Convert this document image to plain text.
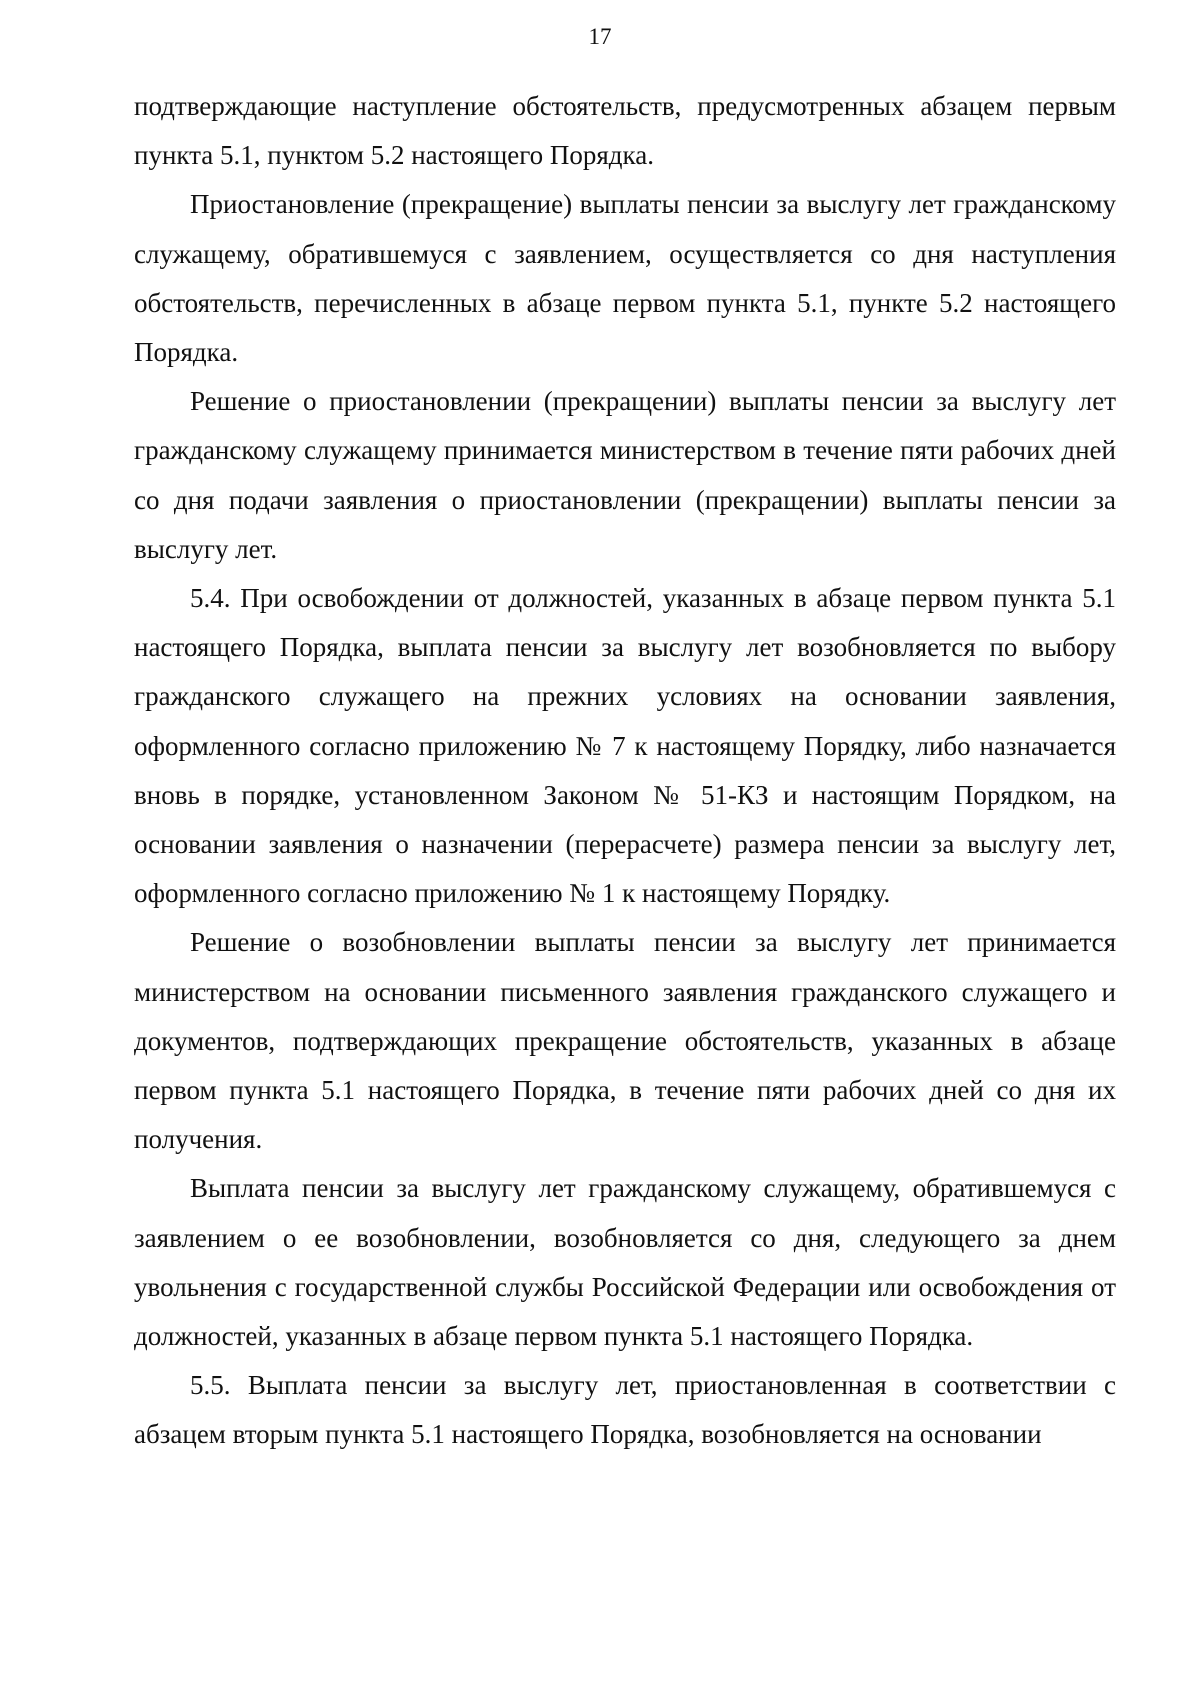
17

подтверждающие наступление обстоятельств, предусмотренных абзацем первым пункта 5.1, пунктом 5.2 настоящего Порядка.

Приостановление (прекращение) выплаты пенсии за выслугу лет гражданскому служащему, обратившемуся с заявлением, осуществляется со дня наступления обстоятельств, перечисленных в абзаце первом пункта 5.1, пункте 5.2 настоящего Порядка.

Решение о приостановлении (прекращении) выплаты пенсии за выслугу лет гражданскому служащему принимается министерством в течение пяти рабочих дней со дня подачи заявления о приостановлении (прекращении) выплаты пенсии за выслугу лет.

5.4. При освобождении от должностей, указанных в абзаце первом пункта 5.1 настоящего Порядка, выплата пенсии за выслугу лет возобновляется по выбору гражданского служащего на прежних условиях на основании заявления, оформленного согласно приложению № 7 к настоящему Порядку, либо назначается вновь в порядке, установленном Законом № 51-КЗ и настоящим Порядком, на основании заявления о назначении (перерасчете) размера пенсии за выслугу лет, оформленного согласно приложению № 1 к настоящему Порядку.

Решение о возобновлении выплаты пенсии за выслугу лет принимается министерством на основании письменного заявления гражданского служащего и документов, подтверждающих прекращение обстоятельств, указанных в абзаце первом пункта 5.1 настоящего Порядка, в течение пяти рабочих дней со дня их получения.

Выплата пенсии за выслугу лет гражданскому служащему, обратившемуся с заявлением о ее возобновлении, возобновляется со дня, следующего за днем увольнения с государственной службы Российской Федерации или освобождения от должностей, указанных в абзаце первом пункта 5.1 настоящего Порядка.

5.5. Выплата пенсии за выслугу лет, приостановленная в соответствии с абзацем вторым пункта 5.1 настоящего Порядка, возобновляется на основании
